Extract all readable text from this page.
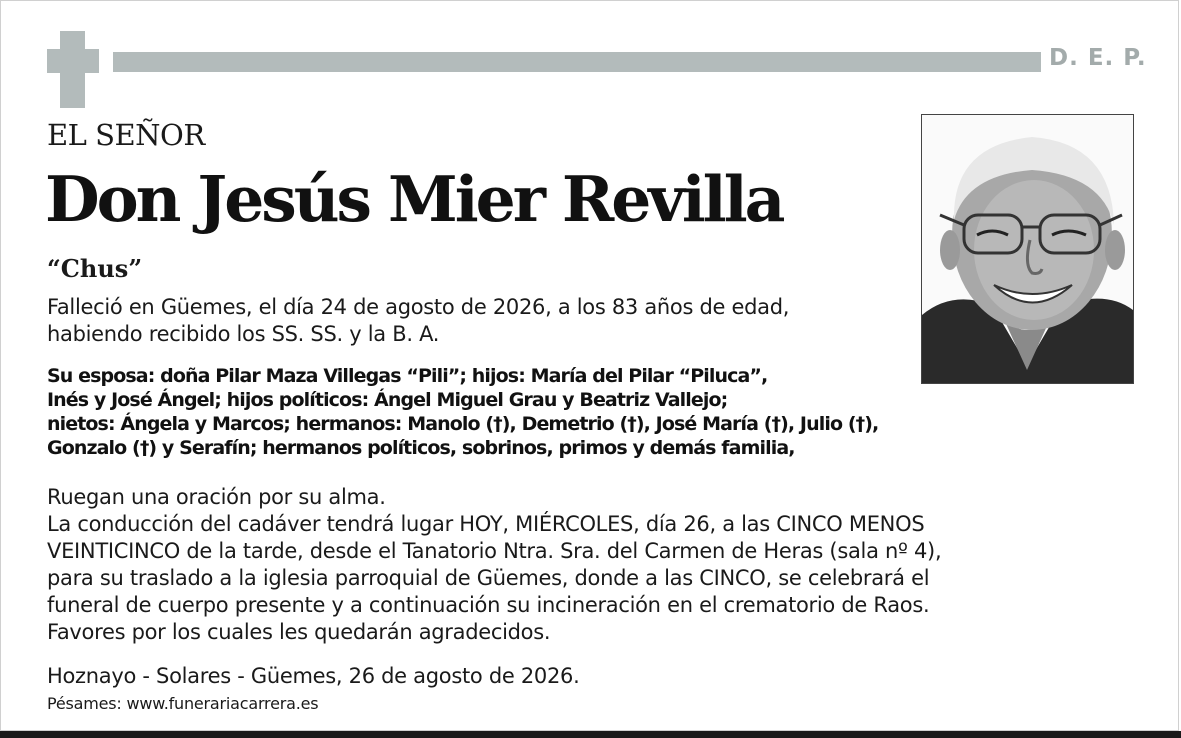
D. E. P.
EL SEÑOR
Don Jesús Mier Revilla
“Chus”
Falleció en Güemes, el día 24 de agosto de 2026, a los 83 años de edad,
habiendo recibido los SS. SS. y la B. A.
Su esposa: doña Pilar Maza Villegas “Pili”; hijos: María del Pilar “Piluca”,
Inés y José Ángel; hijos políticos: Ángel Miguel Grau y Beatriz Vallejo;
nietos: Ángela y Marcos; hermanos: Manolo (†), Demetrio (†), José María (†), Julio (†),
Gonzalo (†) y Serafín; hermanos políticos, sobrinos, primos y demás familia,
Ruegan una oración por su alma.
La conducción del cadáver tendrá lugar HOY, MIÉRCOLES, día 26, a las CINCO MENOS
VEINTICINCO de la tarde, desde el Tanatorio Ntra. Sra. del Carmen de Heras (sala nº 4),
para su traslado a la iglesia parroquial de Güemes, donde a las CINCO, se celebrará el
funeral de cuerpo presente y a continuación su incineración en el crematorio de Raos.
Favores por los cuales les quedarán agradecidos.
Hoznayo - Solares - Güemes, 26 de agosto de 2026.
Pésames: www.funerariacarrera.es
